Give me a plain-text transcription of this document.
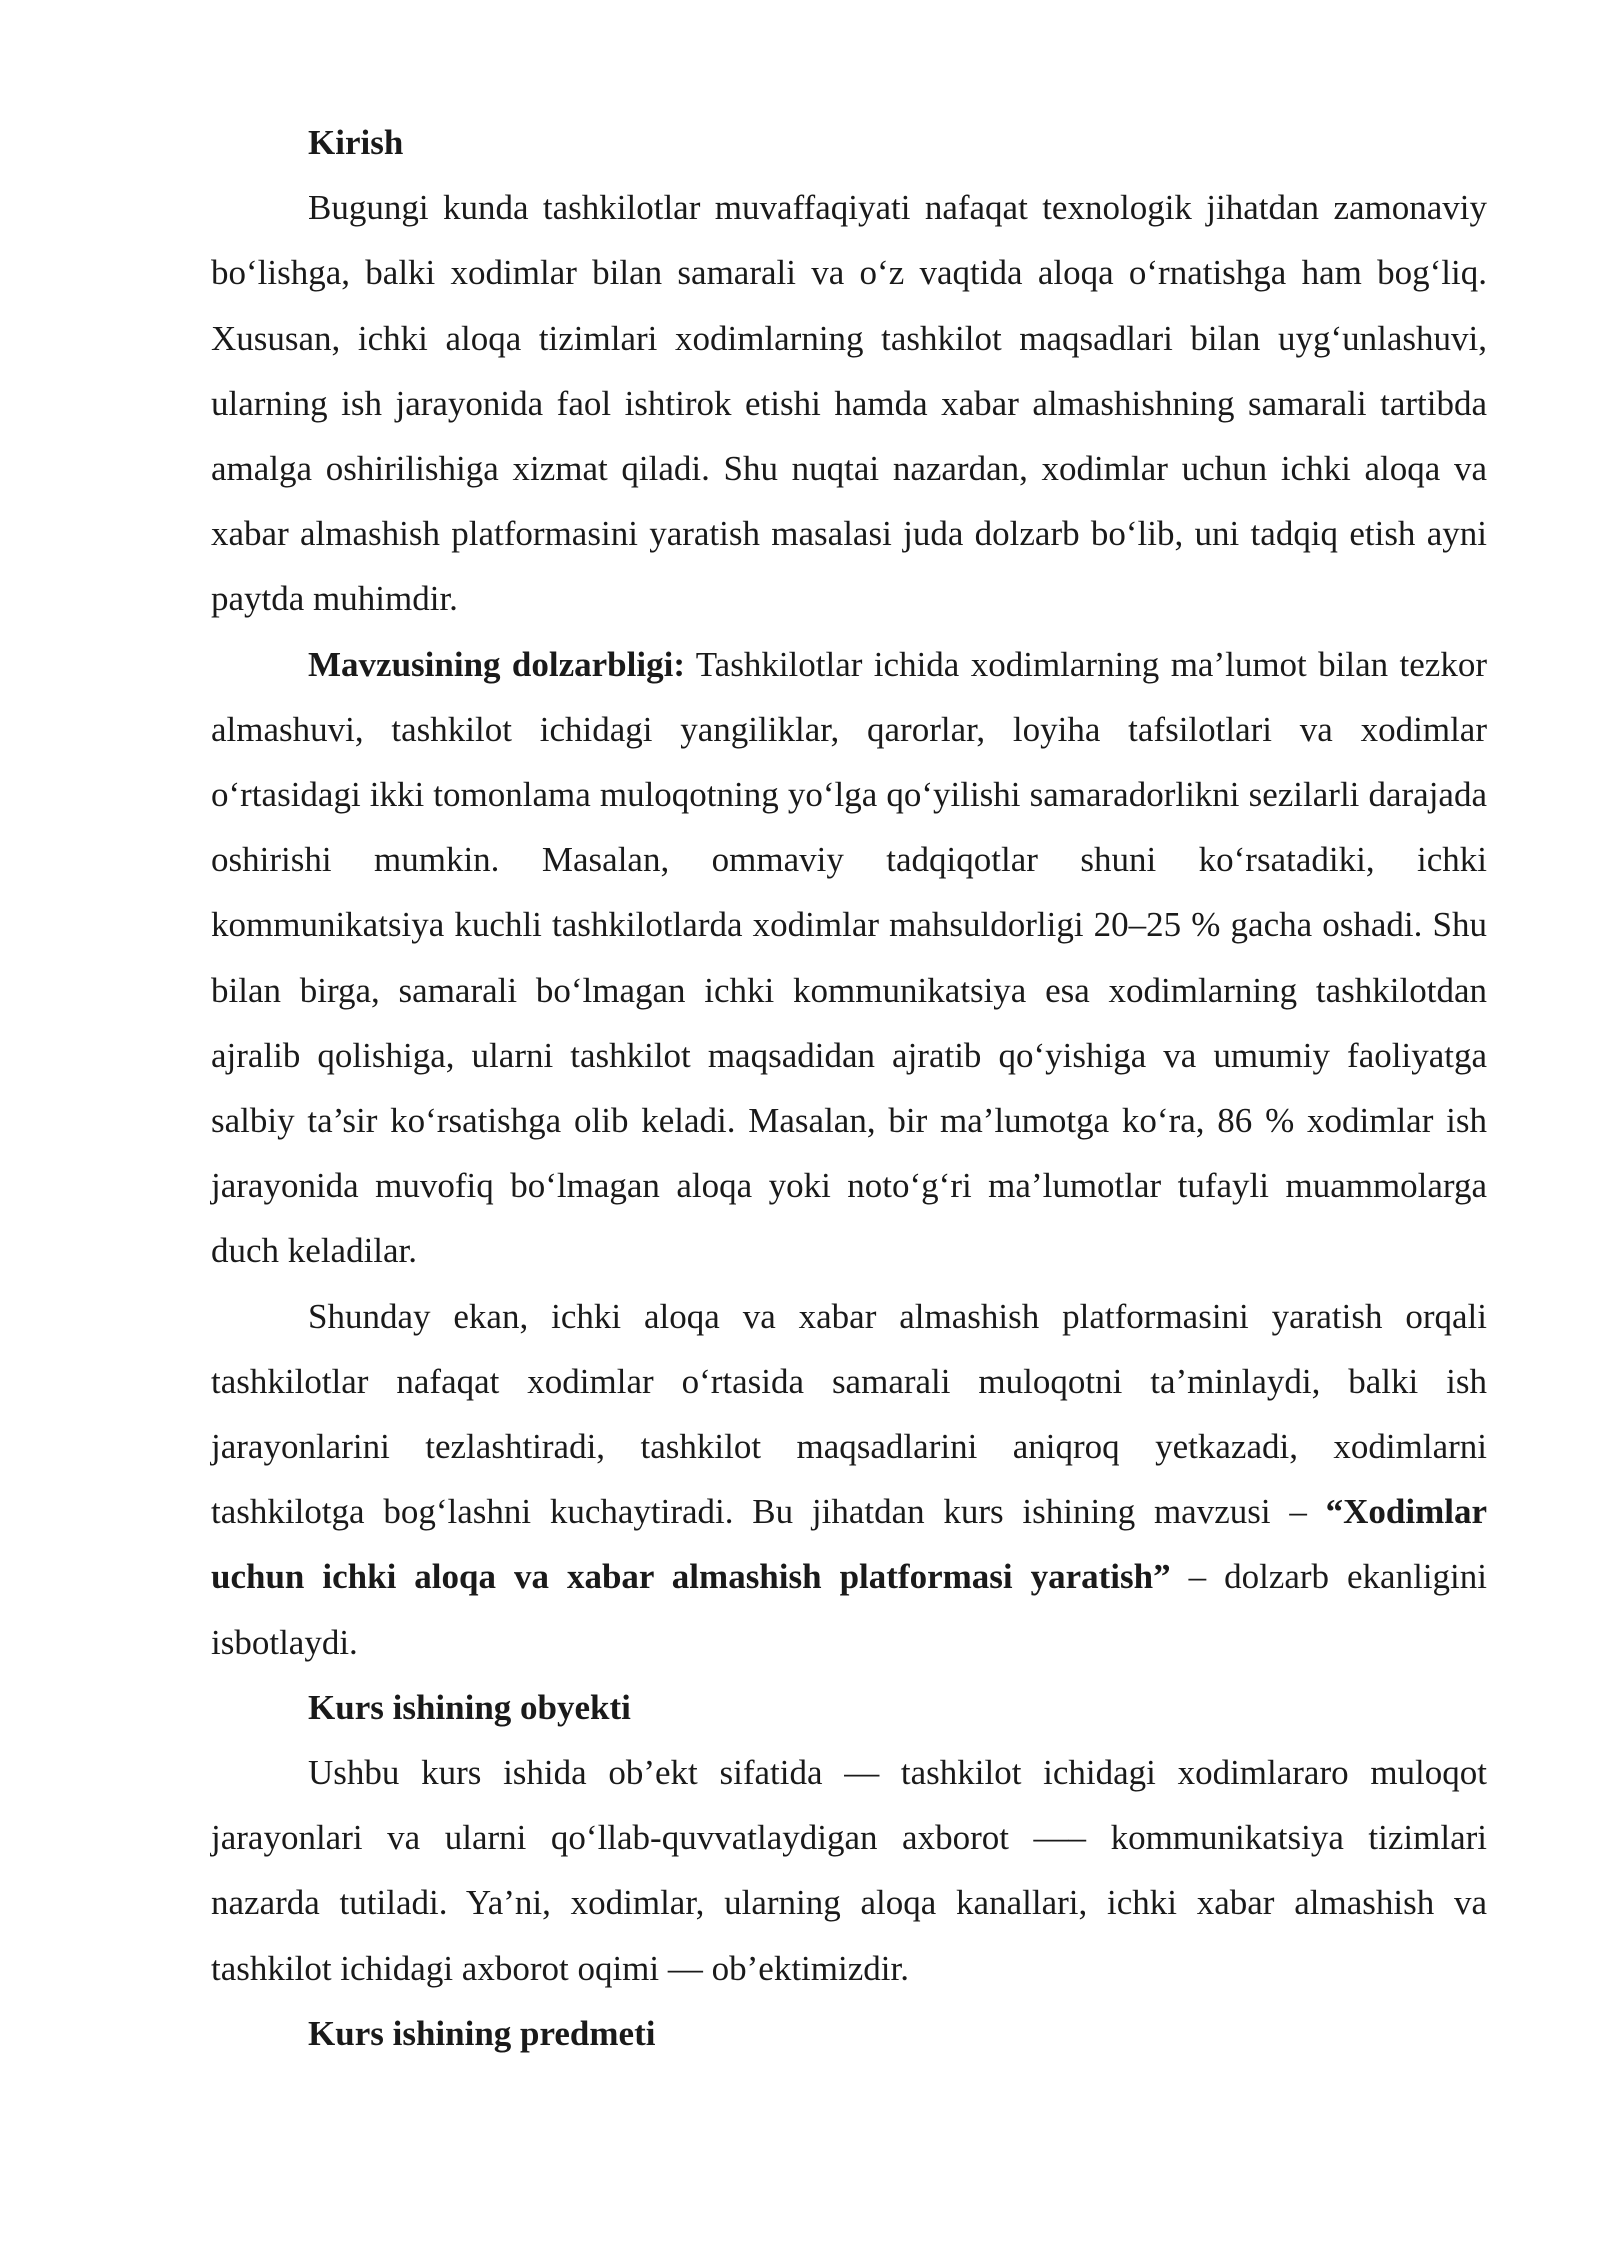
Kirish

Bugungi kunda tashkilotlar muvaffaqiyati nafaqat texnologik jihatdan zamonaviy bo‘lishga, balki xodimlar bilan samarali va o‘z vaqtida aloqa o‘rnatishga ham bog‘liq. Xususan, ichki aloqa tizimlari xodimlarning tashkilot maqsadlari bilan uyg‘unlashuvi, ularning ish jarayonida faol ishtirok etishi hamda xabar almashishning samarali tartibda amalga oshirilishiga xizmat qiladi. Shu nuqtai nazardan, xodimlar uchun ichki aloqa va xabar almashish platformasini yaratish masalasi juda dolzarb bo‘lib, uni tadqiq etish ayni paytda muhimdir.

Mavzusining dolzarbligi: Tashkilotlar ichida xodimlarning ma’lumot bilan tezkor almashuvi, tashkilot ichidagi yangiliklar, qarorlar, loyiha tafsilotlari va xodimlar o‘rtasidagi ikki tomonlama muloqotning yo‘lga qo‘yilishi samaradorlikni sezilarli darajada oshirishi mumkin. Masalan, ommaviy tadqiqotlar shuni ko‘rsatadiki, ichki kommunikatsiya kuchli tashkilotlarda xodimlar mahsuldorligi 20–25 % gacha oshadi. Shu bilan birga, samarali bo‘lmagan ichki kommunikatsiya esa xodimlarning tashkilotdan ajralib qolishiga, ularni tashkilot maqsadidan ajratib qo‘yishiga va umumiy faoliyatga salbiy ta’sir ko‘rsatishga olib keladi. Masalan, bir ma’lumotga ko‘ra, 86 % xodimlar ish jarayonida muvofiq bo‘lmagan aloqa yoki noto‘g‘ri ma’lumotlar tufayli muammolarga duch keladilar.

Shunday ekan, ichki aloqa va xabar almashish platformasini yaratish orqali tashkilotlar nafaqat xodimlar o‘rtasida samarali muloqotni ta’minlaydi, balki ish jarayonlarini tezlashtiradi, tashkilot maqsadlarini aniqroq yetkazadi, xodimlarni tashkilotga bog‘lashni kuchaytiradi. Bu jihatdan kurs ishining mavzusi – “Xodimlar uchun ichki aloqa va xabar almashish platformasi yaratish” – dolzarb ekanligini isbotlaydi.

Kurs ishining obyekti

Ushbu kurs ishida ob’ekt sifatida — tashkilot ichidagi xodimlararo muloqot jarayonlari va ularni qo‘llab-quvvatlaydigan axborot —– kommunikatsiya tizimlari nazarda tutiladi. Ya’ni, xodimlar, ularning aloqa kanallari, ichki xabar almashish va tashkilot ichidagi axborot oqimi — ob’ektimizdir.

Kurs ishining predmeti
